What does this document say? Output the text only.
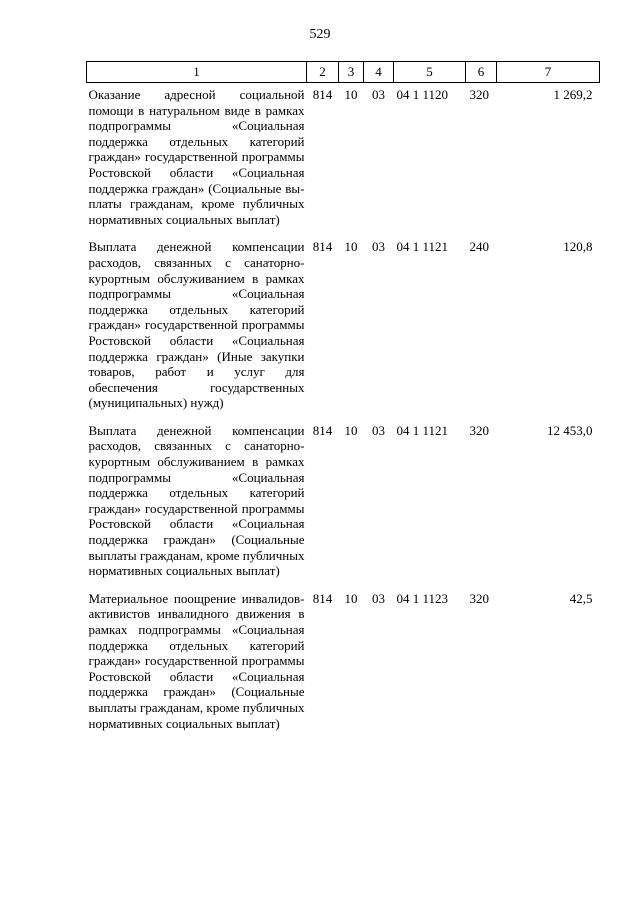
529
1	2	3	4	5	6	7

Оказание адресной социальной помощи в натуральном виде в рамках подпрограммы «Социальная поддержка отдельных категорий граждан» государственной программы Ростовской области «Социальная поддержка граждан» (Социальные выплаты гражданам, кроме публичных нормативных социальных выплат)	814	10	03	04 1 1120	320	1 269,2
Выплата денежной компенсации расходов, связанных с санаторно-курортным обслуживанием в рамках подпрограммы «Социальная поддержка отдельных категорий граждан» государственной программы Ростовской области «Социальная поддержка граждан» (Иные закупки товаров, работ и услуг для обеспечения государственных (муниципальных) нужд)	814	10	03	04 1 1121	240	120,8
Выплата денежной компенсации расходов, связанных с санаторно-курортным обслуживанием в рамках подпрограммы «Социальная поддержка отдельных категорий граждан» государственной программы Ростовской области «Социальная поддержка граждан» (Социальные выплаты гражданам, кроме публичных нормативных социальных выплат)	814	10	03	04 1 1121	320	12 453,0
Материальное поощрение инвалидов-активистов инвалидного движения в рамках подпрограммы «Социальная поддержка отдельных категорий граждан» государственной программы Ростовской области «Социальная поддержка граждан» (Социальные выплаты гражданам, кроме публичных нормативных социальных выплат)	814	10	03	04 1 1123	320	42,5
